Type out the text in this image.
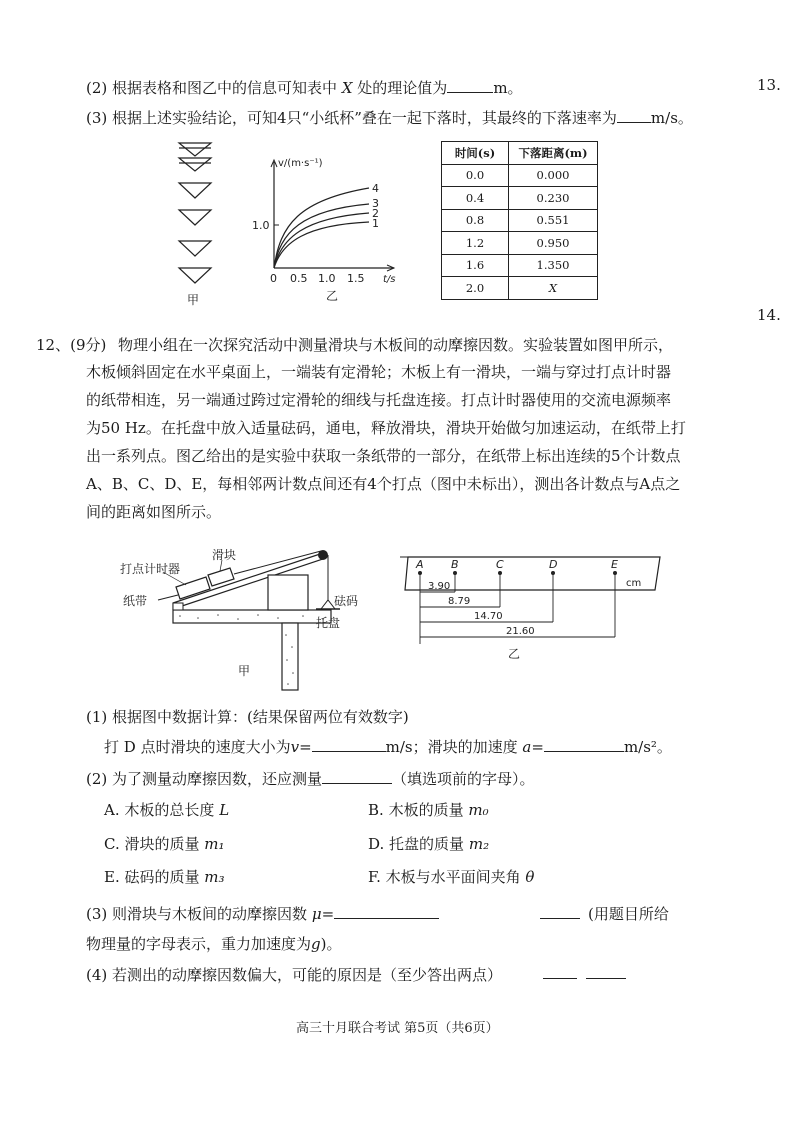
13.
14.
(2) 根据表格和图乙中的信息可知表中 X 处的理论值为	m。
(3) 根据上述实验结论，可知4只“小纸杯”叠在一起下落时，其最终的下落速率为 m/s。
甲
v/(m·s⁻¹)
1.0
0 0.5 1.0 1.5 t/s
4
3
2
1
乙
时间(s)	下落距离(m)
0.0	0.000
0.4	0.230
0.8	0.551
1.2	0.950
1.6	1.350
2.0	X
12、(9分) 物理小组在一次探究活动中测量滑块与木板间的动摩擦因数。实验装置如图甲所示，
木板倾斜固定在水平桌面上，一端装有定滑轮；木板上有一滑块，一端与穿过打点计时器
的纸带相连，另一端通过跨过定滑轮的细线与托盘连接。打点计时器使用的交流电源频率
为50 Hz。在托盘中放入适量砝码，通电，释放滑块，滑块开始做匀加速运动，在纸带上打
出一系列点。图乙给出的是实验中获取一条纸带的一部分，在纸带上标出连续的5个计数点
A、B、C、D、E，每相邻两计数点间还有4个打点（图中未标出），测出各计数点与A点之
间的距离如图所示。
打点计时器
滑块
纸带	砝码
托盘
甲
A B	C	D	E
cm
3.90
8.79
14.70
21.60
乙
(1) 根据图中数据计算：(结果保留两位有效数字)
打 D 点时滑块的速度大小为v=	m/s；滑块的加速度 a=	m/s²。
(2) 为了测量动摩擦因数，还应测量	（填选项前的字母）。
A. 木板的总长度 L	B. 木板的质量 m₀
C. 滑块的质量 m₁	D. 托盘的质量 m₂
E. 砝码的质量 m₃	F. 木板与水平面间夹角 θ
(3) 则滑块与木板间的动摩擦因数 μ=	(用题目所给
物理量的字母表示，重力加速度为g)。
(4) 若测出的动摩擦因数偏大，可能的原因是（至少答出两点）
高三十月联合考试 第5页（共6页）
